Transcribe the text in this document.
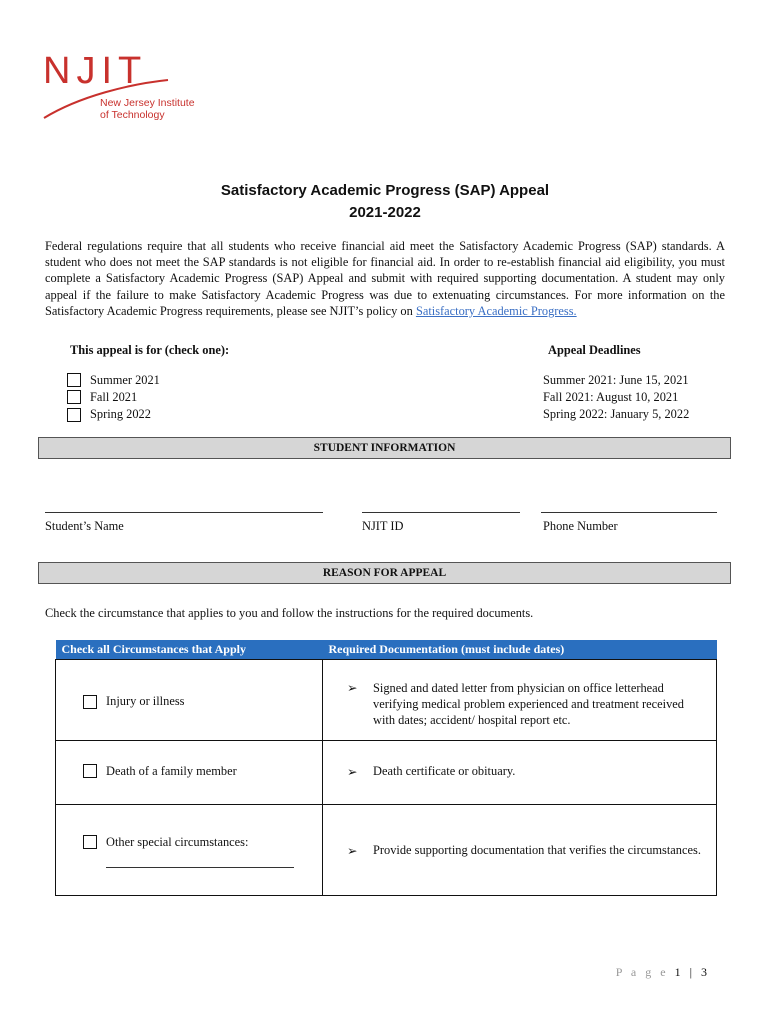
NJIT
New Jersey Institute
of Technology
Satisfactory Academic Progress (SAP) Appeal
2021-2022
Federal regulations require that all students who receive financial aid meet the Satisfactory Academic Progress (SAP) standards. A student who does not meet the SAP standards is not eligible for financial aid. In order to re-establish financial aid eligibility, you must complete a Satisfactory Academic Progress (SAP) Appeal and submit with required supporting documentation. A student may only appeal if the failure to make Satisfactory Academic Progress was due to extenuating circumstances. For more information on the Satisfactory Academic Progress requirements, please see NJIT’s policy on Satisfactory Academic Progress.
This appeal is for (check one):
Summer 2021
Fall 2021
Spring 2022
Appeal Deadlines
Summer 2021: June 15, 2021
Fall 2021: August 10, 2021
Spring 2022: January 5, 2022
STUDENT INFORMATION
Student’s Name	NJIT ID	Phone Number
REASON FOR APPEAL
Check the circumstance that applies to you and follow the instructions for the required documents.
Check all Circumstances that Apply	Required Documentation (must include dates)

Injury or illness	➢ Signed and dated letter from physician on office letterhead verifying medical problem experienced and treatment received with dates; accident/ hospital report etc.

Death of a family member	➢ Death certificate or obituary.

Other special circumstances:	➢ Provide supporting documentation that verifies the circumstances.
P a g e 1 | 3
